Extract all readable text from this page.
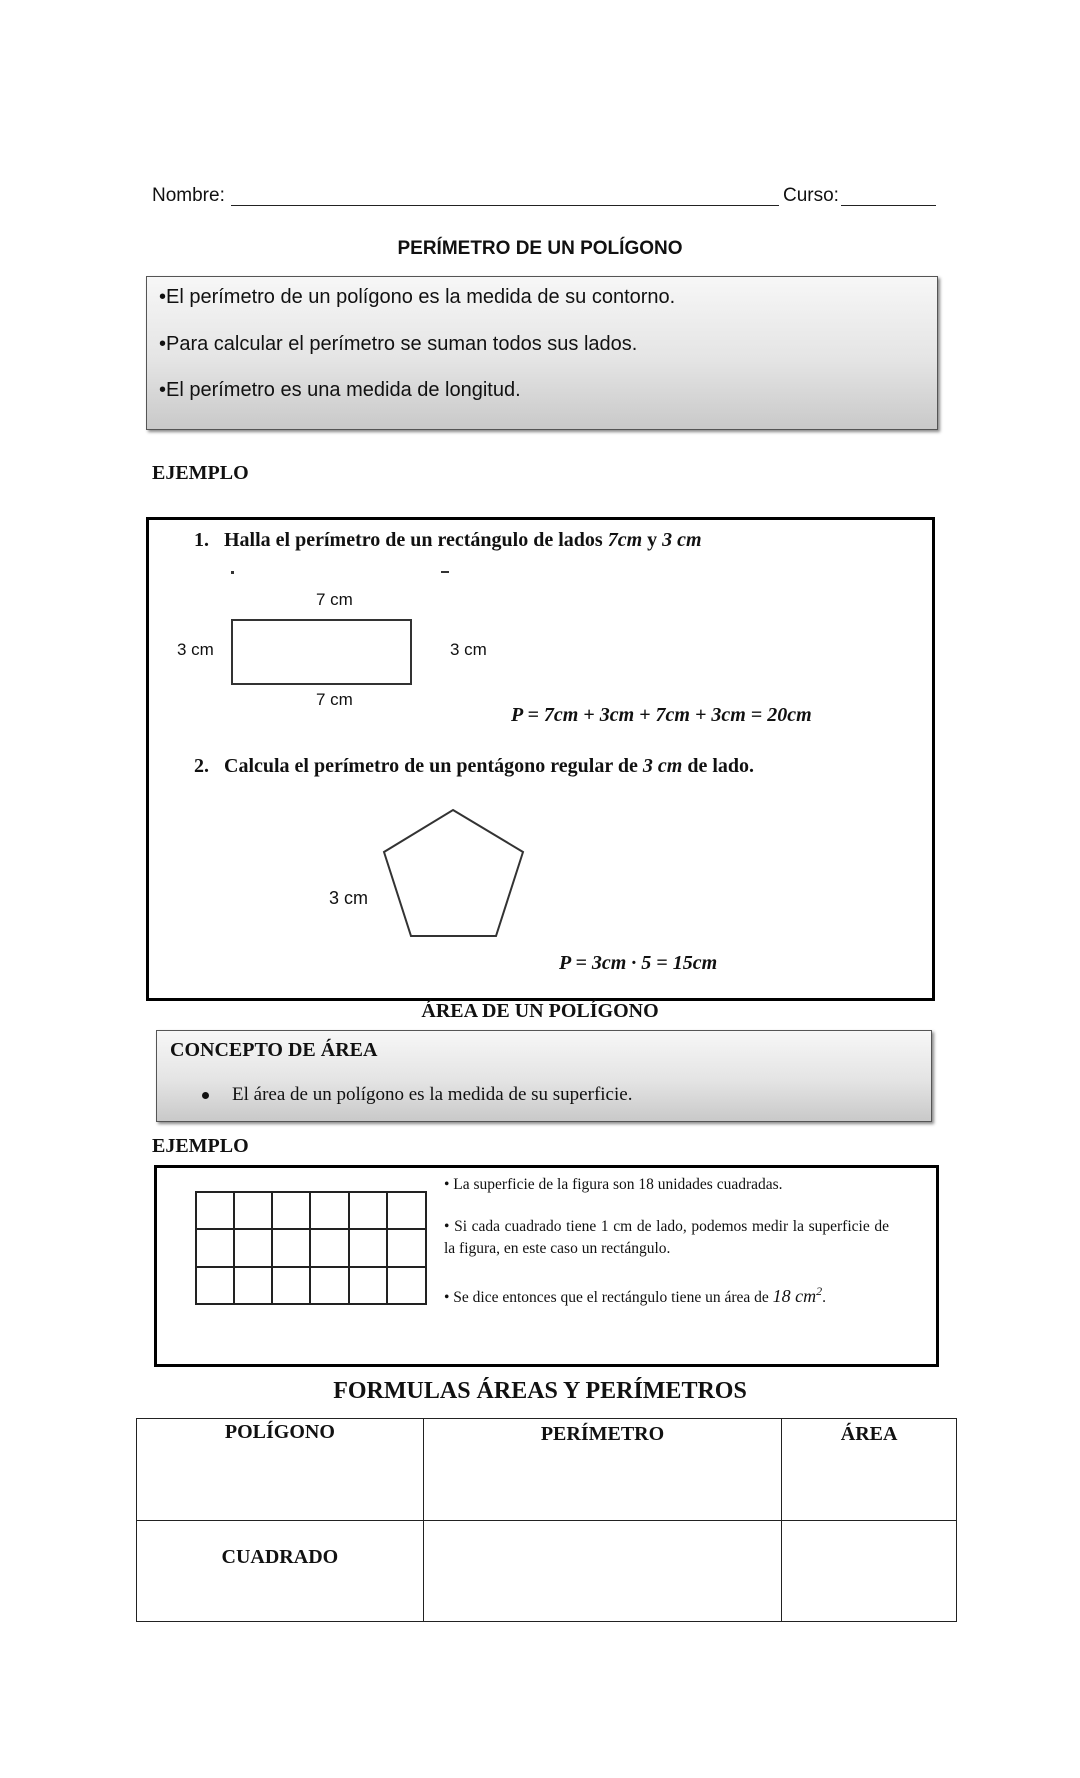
Nombre:	Curso:
PERÍMETRO DE UN POLÍGONO
•El perímetro de un polígono es la medida de su contorno.
•Para calcular el perímetro se suman todos sus lados.
•El perímetro es una medida de longitud.
EJEMPLO
1. Halla el perímetro de un rectángulo de lados 7cm y 3 cm
7 cm
3 cm	3 cm
7 cm
P = 7cm + 3cm + 7cm + 3cm = 20cm
2. Calcula el perímetro de un pentágono regular de 3 cm de lado.
3 cm
P = 3cm · 5 = 15cm
ÁREA DE UN POLÍGONO
CONCEPTO DE ÁREA
El área de un polígono es la medida de su superficie.
EJEMPLO
• La superficie de la figura son 18 unidades cuadradas.
• Si cada cuadrado tiene 1 cm de lado, podemos medir la superficie de la figura, en este caso un rectángulo.
• Se dice entonces que el rectángulo tiene un área de 18 $cm^2$.
FORMULAS ÁREAS Y PERÍMETROS
POLÍGONO	PERÍMETRO	ÁREA
CUADRADO		
